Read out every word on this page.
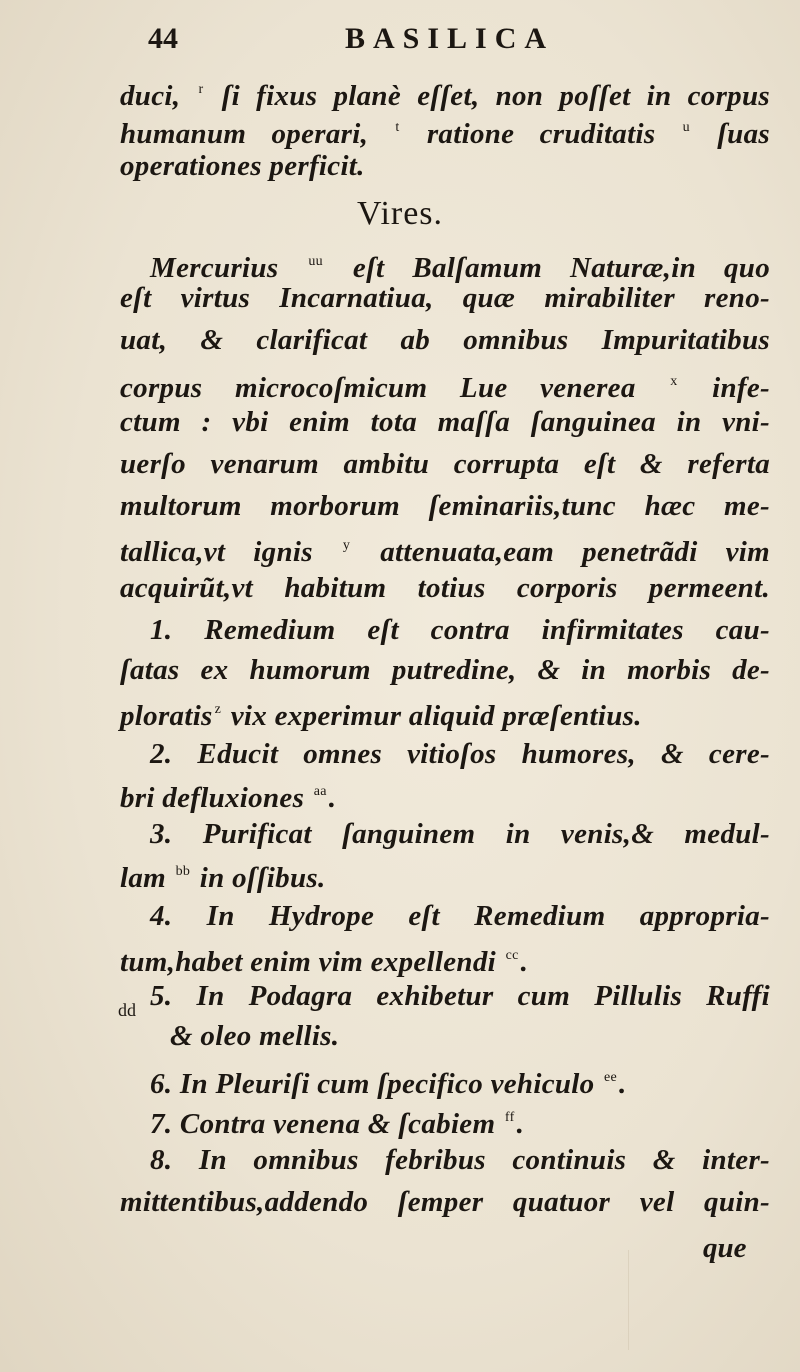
44	BASILICA
duci, $^r$ ſi fixus planè eſſet, non poſſet in corpus
humanum operari, $^t$ ratione cruditatis $^u$ ſuas
operationes perficit.
Vires.
Mercurius $^{uu}$ eſt Balſamum Naturæ,in quo
eſt virtus Incarnatiua, quæ mirabiliter reno-
uat, & clarificat ab omnibus Impuritatibus
corpus microcoſmicum Lue venerea $^x$ infe-
ctum : vbi enim tota maſſa ſanguinea in vni-
uerſo venarum ambitu corrupta eſt & referta
multorum morborum ſeminariis,tunc hæc me-
tallica,vt ignis $^y$ attenuata,eam penetrãdi vim
acquirũt,vt habitum totius corporis permeent.
1. Remedium eſt contra infirmitates cau-
ſatas ex humorum putredine, & in morbis de-
ploratis $^z$ vix experimur aliquid præſentius.
2. Educit omnes vitioſos humores, & cere-
bri defluxiones $^{aa}$.
3. Purificat ſanguinem in venis,& medul-
lam $^{bb}$ in oſſibus.
4. In Hydrope eſt Remedium appropria-
tum,habet enim vim expellendi $^{cc}$.
5. In Podagra exhibetur cum Pillulis Ruffi
dd
& oleo mellis.
6. In Pleuriſi cum ſpecifico vehiculo $^{ee}$.
7. Contra venena & ſcabiem $^{ff}$.
8. In omnibus febribus continuis & inter-
mittentibus,addendo ſemper quatuor vel quin-
que
